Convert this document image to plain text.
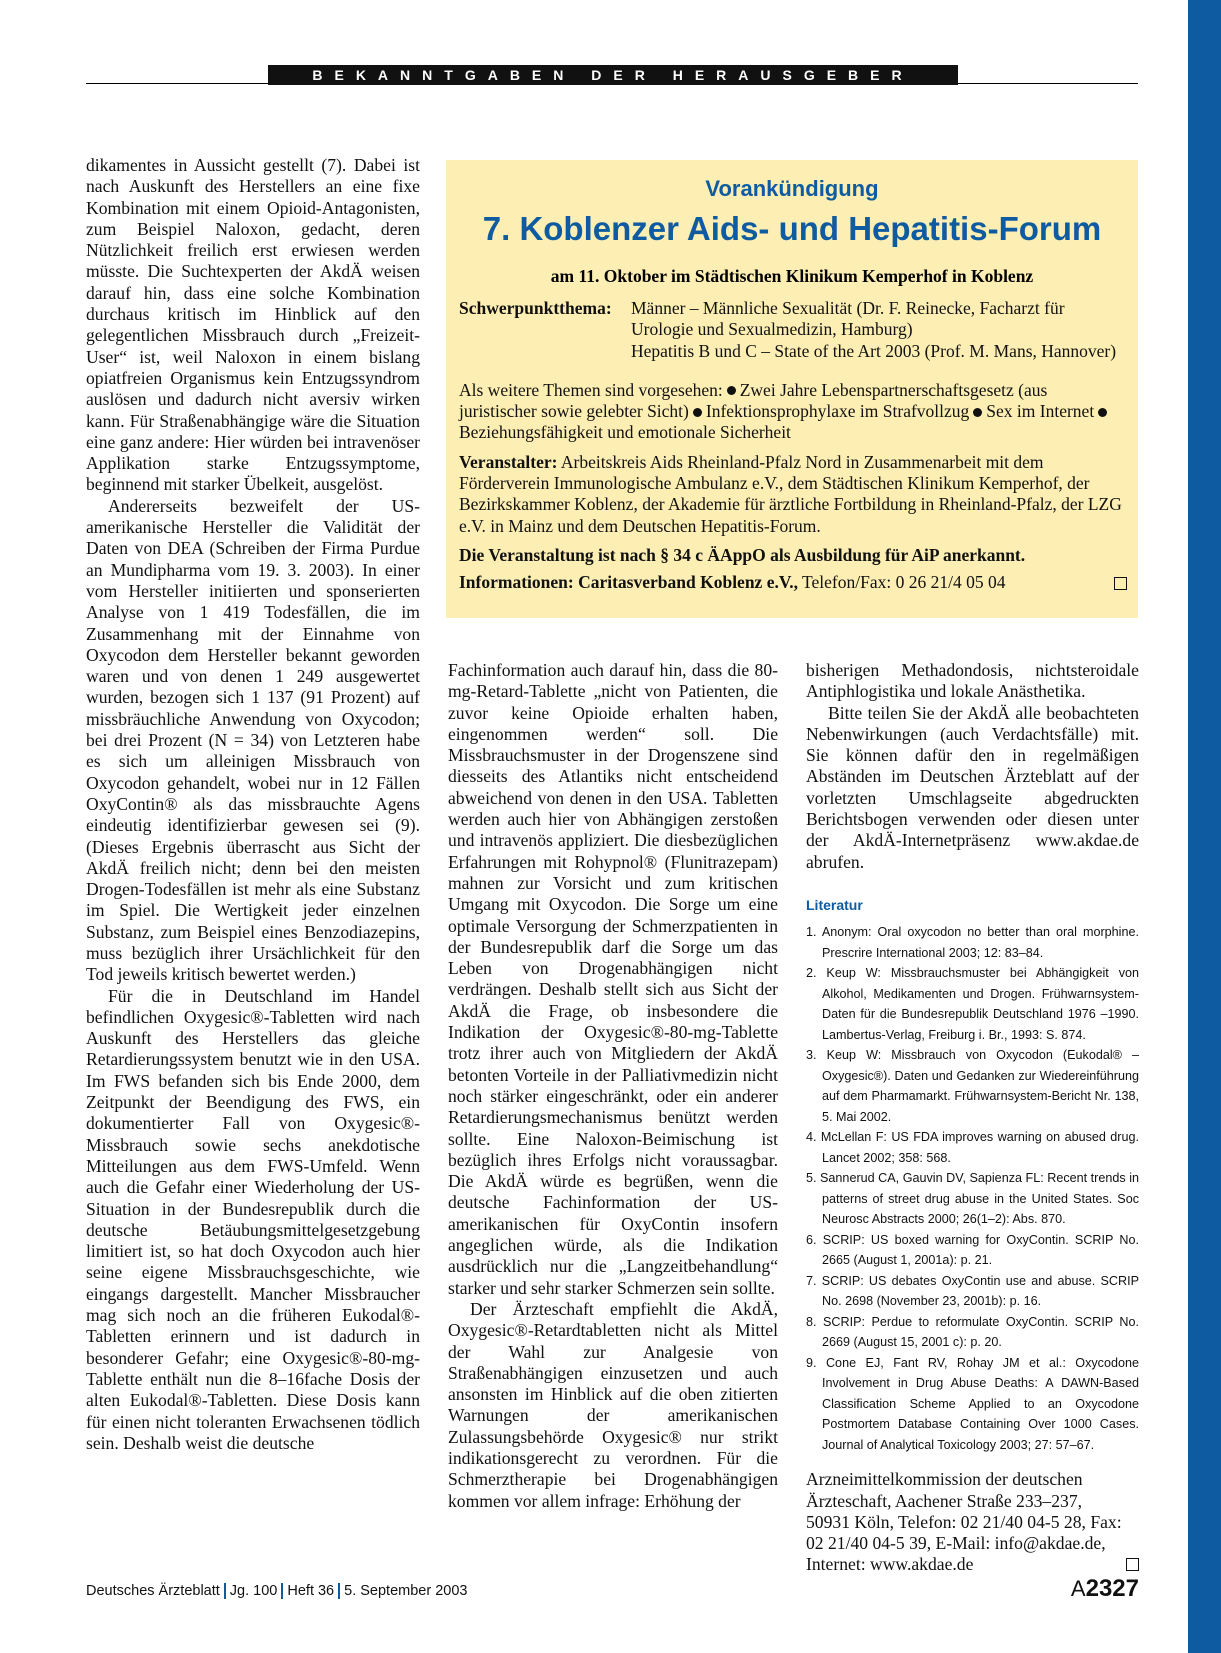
BEKANNTGABEN DER HERAUSGEBER

dikamentes in Aussicht gestellt (7). Dabei ist nach Auskunft des Herstellers an eine fixe Kombination mit einem Opioid-Antagonisten, zum Beispiel Naloxon, gedacht, deren Nützlichkeit freilich erst erwiesen werden müsste. Die Suchtexperten der AkdÄ weisen darauf hin, dass eine solche Kombination durchaus kritisch im Hinblick auf den gelegentlichen Missbrauch durch „Freizeit-User“ ist, weil Naloxon in einem bislang opiatfreien Organismus kein Entzugssyndrom auslösen und dadurch nicht aversiv wirken kann. Für Straßenabhängige wäre die Situation eine ganz andere: Hier würden bei intravenöser Applikation starke Entzugssymptome, beginnend mit starker Übelkeit, ausgelöst.

Andererseits bezweifelt der US-amerikanische Hersteller die Validität der Daten von DEA (Schreiben der Firma Purdue an Mundipharma vom 19. 3. 2003). In einer vom Hersteller initiierten und sponserierten Analyse von 1 419 Todesfällen, die im Zusammenhang mit der Einnahme von Oxycodon dem Hersteller bekannt geworden waren und von denen 1 249 ausgewertet wurden, bezogen sich 1 137 (91 Prozent) auf missbräuchliche Anwendung von Oxycodon; bei drei Prozent (N = 34) von Letzteren habe es sich um alleinigen Missbrauch von Oxycodon gehandelt, wobei nur in 12 Fällen OxyContin® als das missbrauchte Agens eindeutig identifizierbar gewesen sei (9). (Dieses Ergebnis überrascht aus Sicht der AkdÄ freilich nicht; denn bei den meisten Drogen-Todesfällen ist mehr als eine Substanz im Spiel. Die Wertigkeit jeder einzelnen Substanz, zum Beispiel eines Benzodiazepins, muss bezüglich ihrer Ursächlichkeit für den Tod jeweils kritisch bewertet werden.)

Für die in Deutschland im Handel befindlichen Oxygesic®-Tabletten wird nach Auskunft des Herstellers das gleiche Retardierungssystem benutzt wie in den USA. Im FWS befanden sich bis Ende 2000, dem Zeitpunkt der Beendigung des FWS, ein dokumentierter Fall von Oxygesic®-Missbrauch sowie sechs anekdotische Mitteilungen aus dem FWS-Umfeld. Wenn auch die Gefahr einer Wiederholung der US-Situation in der Bundesrepublik durch die deutsche Betäubungsmittelgesetzgebung limitiert ist, so hat doch Oxycodon auch hier seine eigene Missbrauchsgeschichte, wie eingangs dargestellt. Mancher Missbraucher mag sich noch an die früheren Eukodal®-Tabletten erinnern und ist dadurch in besonderer Gefahr; eine Oxygesic®-80-mg-Tablette enthält nun die 8–16fache Dosis der alten Eukodal®-Tabletten. Diese Dosis kann für einen nicht toleranten Erwachsenen tödlich sein. Deshalb weist die deutsche

Vorankündigung
7. Koblenzer Aids- und Hepatitis-Forum
am 11. Oktober im Städtischen Klinikum Kemperhof in Koblenz
Schwerpunktthema:	Männer – Männliche Sexualität (Dr. F. Reinecke, Facharzt für Urologie und Sexualmedizin, Hamburg)
Hepatitis B und C – State of the Art 2003 (Prof. M. Mans, Hannover)

Als weitere Themen sind vorgesehen: Zwei Jahre Lebenspartnerschaftsgesetz (aus juristischer sowie gelebter Sicht) Infektionsprophylaxe im Strafvollzug Sex im InternetBeziehungsfähigkeit und emotionale Sicherheit

Veranstalter: Arbeitskreis Aids Rheinland-Pfalz Nord in Zusammenarbeit mit dem Förderverein Immunologische Ambulanz e.V., dem Städtischen Klinikum Kemperhof, der Bezirkskammer Koblenz, der Akademie für ärztliche Fortbildung in Rheinland-Pfalz, der LZG e.V. in Mainz und dem Deutschen Hepatitis-Forum.

Die Veranstaltung ist nach § 34 c ÄAppO als Ausbildung für AiP anerkannt.

Informationen: Caritasverband Koblenz e.V., Telefon/Fax: 0 26 21/4 05 04

Fachinformation auch darauf hin, dass die 80-mg-Retard-Tablette „nicht von Patienten, die zuvor keine Opioide erhalten haben, eingenommen werden“ soll. Die Missbrauchsmuster in der Drogenszene sind diesseits des Atlantiks nicht entscheidend abweichend von denen in den USA. Tabletten werden auch hier von Abhängigen zerstoßen und intravenös appliziert. Die diesbezüglichen Erfahrungen mit Rohypnol® (Flunitrazepam) mahnen zur Vorsicht und zum kritischen Umgang mit Oxycodon. Die Sorge um eine optimale Versorgung der Schmerzpatienten in der Bundesrepublik darf die Sorge um das Leben von Drogenabhängigen nicht verdrängen. Deshalb stellt sich aus Sicht der AkdÄ die Frage, ob insbesondere die Indikation der Oxygesic®-80-mg-Tablette trotz ihrer auch von Mitgliedern der AkdÄ betonten Vorteile in der Palliativmedizin nicht noch stärker eingeschränkt, oder ein anderer Retardierungsmechanismus benützt werden sollte. Eine Naloxon-Beimischung ist bezüglich ihres Erfolgs nicht voraussagbar. Die AkdÄ würde es begrüßen, wenn die deutsche Fachinformation der US-amerikanischen für OxyContin insofern angeglichen würde, als die Indikation ausdrücklich nur die „Langzeitbehandlung“ starker und sehr starker Schmerzen sein sollte.

Der Ärzteschaft empfiehlt die AkdÄ, Oxygesic®-Retardtabletten nicht als Mittel der Wahl zur Analgesie von Straßenabhängigen einzusetzen und auch ansonsten im Hinblick auf die oben zitierten Warnungen der amerikanischen Zulassungsbehörde Oxygesic® nur strikt indikationsgerecht zu verordnen. Für die Schmerztherapie bei Drogenabhängigen kommen vor allem infrage: Erhöhung der

bisherigen Methadondosis, nichtsteroidale Antiphlogistika und lokale Anästhetika.

Bitte teilen Sie der AkdÄ alle beobachteten Nebenwirkungen (auch Verdachtsfälle) mit. Sie können dafür den in regelmäßigen Abständen im Deutschen Ärzteblatt auf der vorletzten Umschlagseite abgedruckten Berichtsbogen verwenden oder diesen unter der AkdÄ-Internetpräsenz www.akdae.de abrufen.

Literatur
1. Anonym: Oral oxycodon no better than oral morphine. Prescrire International 2003; 12: 83–84.
2. Keup W: Missbrauchsmuster bei Abhängigkeit von Alkohol, Medikamenten und Drogen. Frühwarnsystem-Daten für die Bundesrepublik Deutschland 1976 –1990. Lambertus-Verlag, Freiburg i. Br., 1993: S. 874.
3. Keup W: Missbrauch von Oxycodon (Eukodal® – Oxygesic®). Daten und Gedanken zur Wiedereinführung auf dem Pharmamarkt. Frühwarnsystem-Bericht Nr. 138, 5. Mai 2002.
4. McLellan F: US FDA improves warning on abused drug. Lancet 2002; 358: 568.
5. Sannerud CA, Gauvin DV, Sapienza FL: Recent trends in patterns of street drug abuse in the United States. Soc Neurosc Abstracts 2000; 26(1–2): Abs. 870.
6. SCRIP: US boxed warning for OxyContin. SCRIP No. 2665 (August 1, 2001a): p. 21.
7. SCRIP: US debates OxyContin use and abuse. SCRIP No. 2698 (November 23, 2001b): p. 16.
8. SCRIP: Perdue to reformulate OxyContin. SCRIP No. 2669 (August 15, 2001 c): p. 20.
9. Cone EJ, Fant RV, Rohay JM et al.: Oxycodone Involvement in Drug Abuse Deaths: A DAWN-Based Classification Scheme Applied to an Oxycodone Postmortem Database Containing Over 1000 Cases. Journal of Analytical Toxicology 2003; 27: 57–67.

Arzneimittelkommission der deutschen Ärzteschaft, Aachener Straße 233–237, 50931 Köln, Telefon: 02 21/40 04-5 28, Fax: 02 21/40 04-5 39, E-Mail: info@akdae.de, Internet: www.akdae.de

Deutsches Ärzteblatt Jg. 100 Heft 36 5. September 2003	A2327
